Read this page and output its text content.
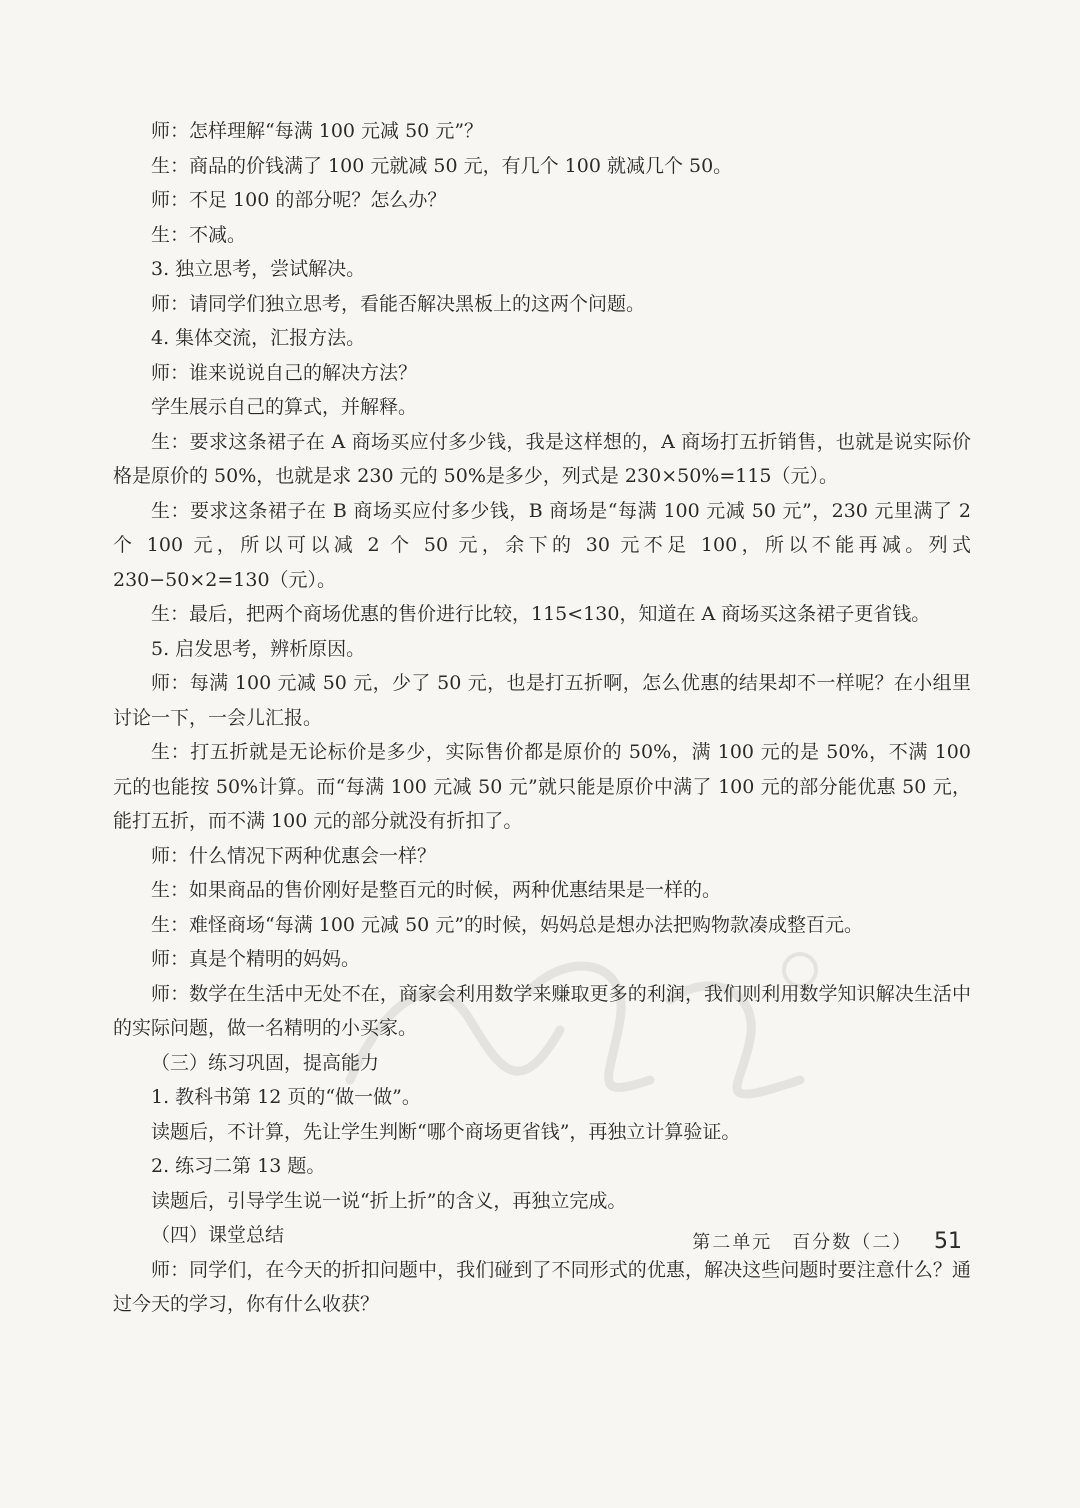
师：怎样理解“每满 100 元减 50 元”？

生：商品的价钱满了 100 元就减 50 元，有几个 100 就减几个 50。

师：不足 100 的部分呢？怎么办？

生：不减。

3. 独立思考，尝试解决。

师：请同学们独立思考，看能否解决黑板上的这两个问题。

4. 集体交流，汇报方法。

师：谁来说说自己的解决方法？

学生展示自己的算式，并解释。

生：要求这条裙子在 A 商场买应付多少钱，我是这样想的，A 商场打五折销售，也就是说实际价格是原价的 50%，也就是求 230 元的 50%是多少，列式是 230×50%=115（元）。

生：要求这条裙子在 B 商场买应付多少钱，B 商场是“每满 100 元减 50 元”，230 元里满了 2 个 100 元，所以可以减 2 个 50 元，余下的 30 元不足 100，所以不能再减。列式 230−50×2=130（元）。

生：最后，把两个商场优惠的售价进行比较，115<130，知道在 A 商场买这条裙子更省钱。

5. 启发思考，辨析原因。

师：每满 100 元减 50 元，少了 50 元，也是打五折啊，怎么优惠的结果却不一样呢？在小组里讨论一下，一会儿汇报。

生：打五折就是无论标价是多少，实际售价都是原价的 50%，满 100 元的是 50%，不满 100 元的也能按 50%计算。而“每满 100 元减 50 元”就只能是原价中满了 100 元的部分能优惠 50 元，能打五折，而不满 100 元的部分就没有折扣了。

师：什么情况下两种优惠会一样？

生：如果商品的售价刚好是整百元的时候，两种优惠结果是一样的。

生：难怪商场“每满 100 元减 50 元”的时候，妈妈总是想办法把购物款凑成整百元。

师：真是个精明的妈妈。

师：数学在生活中无处不在，商家会利用数学来赚取更多的利润，我们则利用数学知识解决生活中的实际问题，做一名精明的小买家。

（三）练习巩固，提高能力

1. 教科书第 12 页的“做一做”。

读题后，不计算，先让学生判断“哪个商场更省钱”，再独立计算验证。

2. 练习二第 13 题。

读题后，引导学生说一说“折上折”的含义，再独立完成。

（四）课堂总结

师：同学们，在今天的折扣问题中，我们碰到了不同形式的优惠，解决这些问题时要注意什么？通过今天的学习，你有什么收获？

第二单元　百分数（二） 51
